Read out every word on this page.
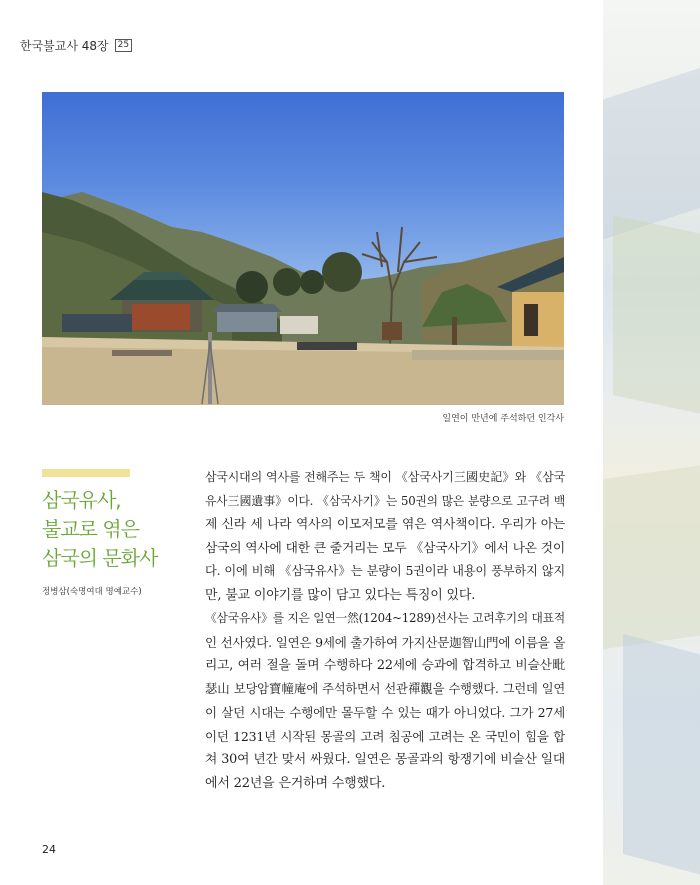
한국불교사 48장	25
일연이 만년에 주석하던 인각사
삼국유사,
불교로 엮은
삼국의 문화사
정병삼(숙명여대 명예교수)
삼국시대의 역사를 전해주는 두 책이 《삼국사기三國史記》와 《삼국
유사三國遺事》이다. 《삼국사기》는 50권의 많은 분량으로 고구려 백
제 신라 세 나라 역사의 이모저모를 엮은 역사책이다. 우리가 아는
삼국의 역사에 대한 큰 줄거리는 모두 《삼국사기》에서 나온 것이
다. 이에 비해 《삼국유사》는 분량이 5권이라 내용이 풍부하지 않지
만, 불교 이야기를 많이 담고 있다는 특징이 있다.
《삼국유사》를 지은 일연一然(1204~1289)선사는 고려후기의 대표적
인 선사였다. 일연은 9세에 출가하여 가지산문迦智山門에 이름을 올
리고, 여러 절을 돌며 수행하다 22세에 승과에 합격하고 비슬산毗
瑟山 보당암寶幢庵에 주석하면서 선관禪觀을 수행했다. 그런데 일연
이 살던 시대는 수행에만 몰두할 수 있는 때가 아니었다. 그가 27세
이던 1231년 시작된 몽골의 고려 침공에 고려는 온 국민이 힘을 합
쳐 30여 년간 맞서 싸웠다. 일연은 몽골과의 항쟁기에 비슬산 일대
에서 22년을 은거하며 수행했다.
24
